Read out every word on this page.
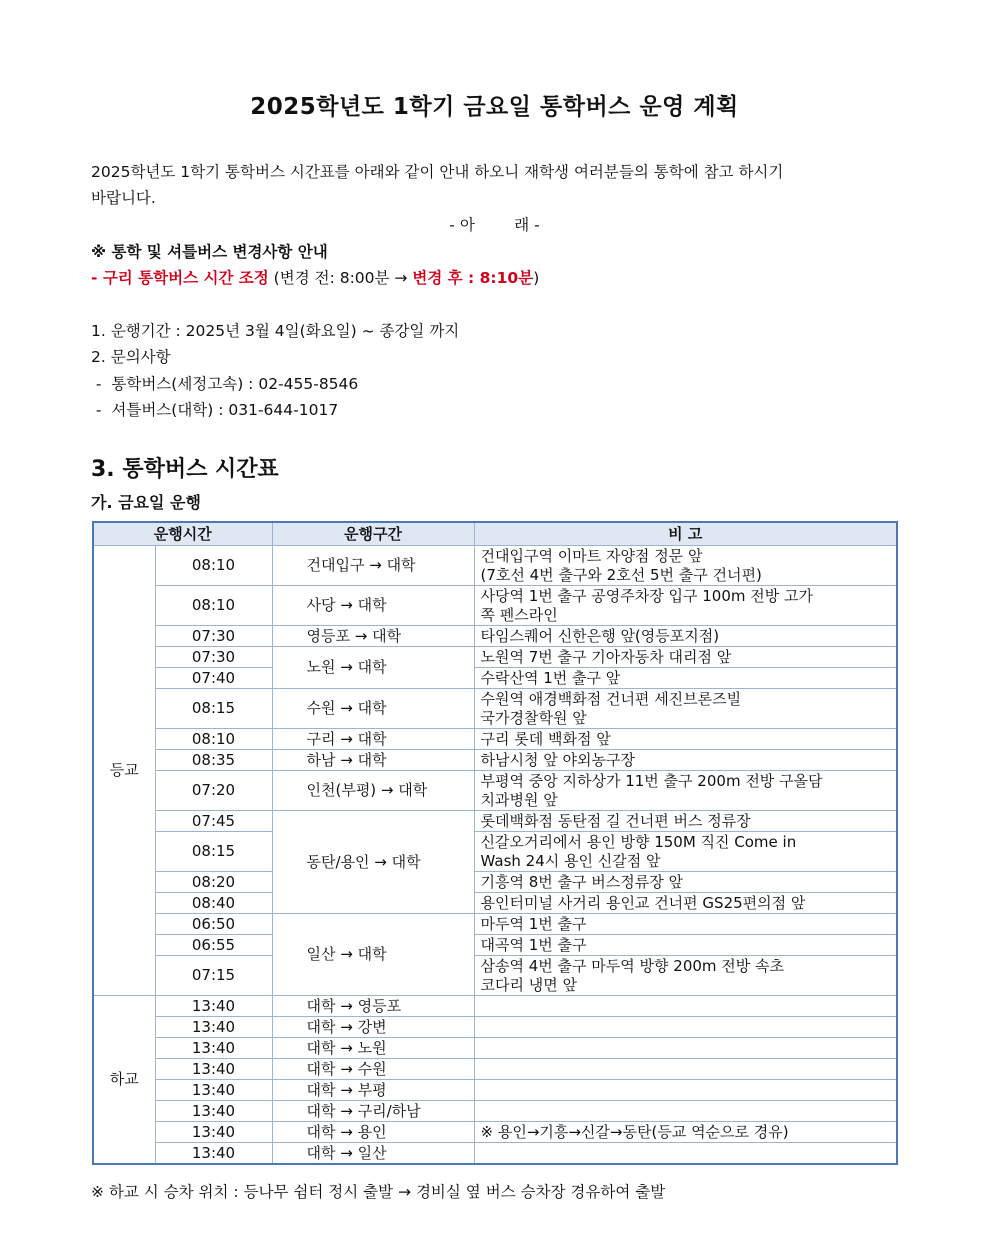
2025학년도 1학기 금요일 통학버스 운영 계획
2025학년도 1학기 통학버스 시간표를 아래와 같이 안내 하오니 재학생 여러분들의 통학에 참고 하시기
바랍니다.
- 아        래 -
※ 통학 및 셔틀버스 변경사항 안내
- 구리 통학버스 시간 조정 (변경 전: 8:00분 → 변경 후 : 8:10분)
1. 운행기간 : 2025년 3월 4일(화요일) ~ 종강일 까지
2. 문의사항
-  통학버스(세정고속) : 02-455-8546
-  셔틀버스(대학) : 031-644-1017
3. 통학버스 시간표
가. 금요일 운행
운행시간		운행구간	비 고
등교	08:10	건대입구 → 대학	건대입구역 이마트 자양점 정문 앞
(7호선 4번 출구와 2호선 5번 출구 건너편)
	08:10	사당 → 대학	사당역 1번 출구 공영주차장 입구 100m 전방 고가
쪽 펜스라인
	07:30	영등포 → 대학	타임스퀘어 신한은행 앞(영등포지점)
	07:30	노원 → 대학	노원역 7번 출구 기아자동차 대리점 앞
	07:40		수락산역 1번 출구 앞
	08:15	수원 → 대학	수원역 애경백화점 건너편 세진브론즈빌
국가경찰학원 앞
	08:10	구리 → 대학	구리 롯데 백화점 앞
	08:35	하남 → 대학	하남시청 앞 야외농구장
	07:20	인천(부평) → 대학	부평역 중앙 지하상가 11번 출구 200m 전방 구올담
치과병원 앞
	07:45	동탄/용인 → 대학	롯데백화점 동탄점 길 건너편 버스 정류장
	08:15		신갈오거리에서 용인 방향 150M 직진 Come in
Wash 24시 용인 신갈점 앞
	08:20		기흥역 8번 출구 버스정류장 앞
	08:40		용인터미널 사거리 용인교 건너편 GS25편의점 앞
	06:50	일산 → 대학	마두역 1번 출구
	06:55		대곡역 1번 출구
	07:15		삼송역 4번 출구 마두역 방향 200m 전방 속초
코다리 냉면 앞
하교	13:40	대학 → 영등포	
	13:40	대학 → 강변	
	13:40	대학 → 노원	
	13:40	대학 → 수원	
	13:40	대학 → 부평	
	13:40	대학 → 구리/하남	
	13:40	대학 → 용인	※ 용인→기흥→신갈→동탄(등교 역순으로 경유)
	13:40	대학 → 일산	
※ 하교 시 승차 위치 : 등나무 쉼터 정시 출발 → 경비실 옆 버스 승차장 경유하여 출발
